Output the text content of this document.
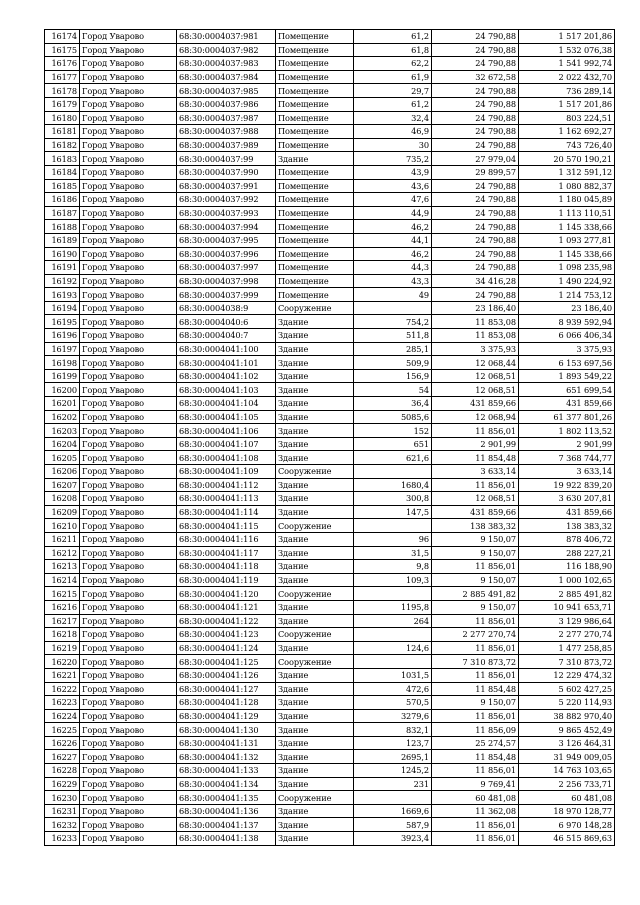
16174	Город Уварово	68:30:0004037:981	Помещение	61,2	24 790,88	1 517 201,86
16175	Город Уварово	68:30:0004037:982	Помещение	61,8	24 790,88	1 532 076,38
16176	Город Уварово	68:30:0004037:983	Помещение	62,2	24 790,88	1 541 992,74
16177	Город Уварово	68:30:0004037:984	Помещение	61,9	32 672,58	2 022 432,70
16178	Город Уварово	68:30:0004037:985	Помещение	29,7	24 790,88	736 289,14
16179	Город Уварово	68:30:0004037:986	Помещение	61,2	24 790,88	1 517 201,86
16180	Город Уварово	68:30:0004037:987	Помещение	32,4	24 790,88	803 224,51
16181	Город Уварово	68:30:0004037:988	Помещение	46,9	24 790,88	1 162 692,27
16182	Город Уварово	68:30:0004037:989	Помещение	30	24 790,88	743 726,40
16183	Город Уварово	68:30:0004037:99	Здание	735,2	27 979,04	20 570 190,21
16184	Город Уварово	68:30:0004037:990	Помещение	43,9	29 899,57	1 312 591,12
16185	Город Уварово	68:30:0004037:991	Помещение	43,6	24 790,88	1 080 882,37
16186	Город Уварово	68:30:0004037:992	Помещение	47,6	24 790,88	1 180 045,89
16187	Город Уварово	68:30:0004037:993	Помещение	44,9	24 790,88	1 113 110,51
16188	Город Уварово	68:30:0004037:994	Помещение	46,2	24 790,88	1 145 338,66
16189	Город Уварово	68:30:0004037:995	Помещение	44,1	24 790,88	1 093 277,81
16190	Город Уварово	68:30:0004037:996	Помещение	46,2	24 790,88	1 145 338,66
16191	Город Уварово	68:30:0004037:997	Помещение	44,3	24 790,88	1 098 235,98
16192	Город Уварово	68:30:0004037:998	Помещение	43,3	34 416,28	1 490 224,92
16193	Город Уварово	68:30:0004037:999	Помещение	49	24 790,88	1 214 753,12
16194	Город Уварово	68:30:0004038:9	Сооружение		23 186,40	23 186,40
16195	Город Уварово	68:30:0004040:6	Здание	754,2	11 853,08	8 939 592,94
16196	Город Уварово	68:30:0004040:7	Здание	511,8	11 853,08	6 066 406,34
16197	Город Уварово	68:30:0004041:100	Здание	285,1	3 375,93	3 375,93
16198	Город Уварово	68:30:0004041:101	Здание	509,9	12 068,44	6 153 697,56
16199	Город Уварово	68:30:0004041:102	Здание	156,9	12 068,51	1 893 549,22
16200	Город Уварово	68:30:0004041:103	Здание	54	12 068,51	651 699,54
16201	Город Уварово	68:30:0004041:104	Здание	36,4	431 859,66	431 859,66
16202	Город Уварово	68:30:0004041:105	Здание	5085,6	12 068,94	61 377 801,26
16203	Город Уварово	68:30:0004041:106	Здание	152	11 856,01	1 802 113,52
16204	Город Уварово	68:30:0004041:107	Здание	651	2 901,99	2 901,99
16205	Город Уварово	68:30:0004041:108	Здание	621,6	11 854,48	7 368 744,77
16206	Город Уварово	68:30:0004041:109	Сооружение		3 633,14	3 633,14
16207	Город Уварово	68:30:0004041:112	Здание	1680,4	11 856,01	19 922 839,20
16208	Город Уварово	68:30:0004041:113	Здание	300,8	12 068,51	3 630 207,81
16209	Город Уварово	68:30:0004041:114	Здание	147,5	431 859,66	431 859,66
16210	Город Уварово	68:30:0004041:115	Сооружение		138 383,32	138 383,32
16211	Город Уварово	68:30:0004041:116	Здание	96	9 150,07	878 406,72
16212	Город Уварово	68:30:0004041:117	Здание	31,5	9 150,07	288 227,21
16213	Город Уварово	68:30:0004041:118	Здание	9,8	11 856,01	116 188,90
16214	Город Уварово	68:30:0004041:119	Здание	109,3	9 150,07	1 000 102,65
16215	Город Уварово	68:30:0004041:120	Сооружение		2 885 491,82	2 885 491,82
16216	Город Уварово	68:30:0004041:121	Здание	1195,8	9 150,07	10 941 653,71
16217	Город Уварово	68:30:0004041:122	Здание	264	11 856,01	3 129 986,64
16218	Город Уварово	68:30:0004041:123	Сооружение		2 277 270,74	2 277 270,74
16219	Город Уварово	68:30:0004041:124	Здание	124,6	11 856,01	1 477 258,85
16220	Город Уварово	68:30:0004041:125	Сооружение		7 310 873,72	7 310 873,72
16221	Город Уварово	68:30:0004041:126	Здание	1031,5	11 856,01	12 229 474,32
16222	Город Уварово	68:30:0004041:127	Здание	472,6	11 854,48	5 602 427,25
16223	Город Уварово	68:30:0004041:128	Здание	570,5	9 150,07	5 220 114,93
16224	Город Уварово	68:30:0004041:129	Здание	3279,6	11 856,01	38 882 970,40
16225	Город Уварово	68:30:0004041:130	Здание	832,1	11 856,09	9 865 452,49
16226	Город Уварово	68:30:0004041:131	Здание	123,7	25 274,57	3 126 464,31
16227	Город Уварово	68:30:0004041:132	Здание	2695,1	11 854,48	31 949 009,05
16228	Город Уварово	68:30:0004041:133	Здание	1245,2	11 856,01	14 763 103,65
16229	Город Уварово	68:30:0004041:134	Здание	231	9 769,41	2 256 733,71
16230	Город Уварово	68:30:0004041:135	Сооружение		60 481,08	60 481,08
16231	Город Уварово	68:30:0004041:136	Здание	1669,6	11 362,08	18 970 128,77
16232	Город Уварово	68:30:0004041:137	Здание	587,9	11 856,01	6 970 148,28
16233	Город Уварово	68:30:0004041:138	Здание	3923,4	11 856,01	46 515 869,63
